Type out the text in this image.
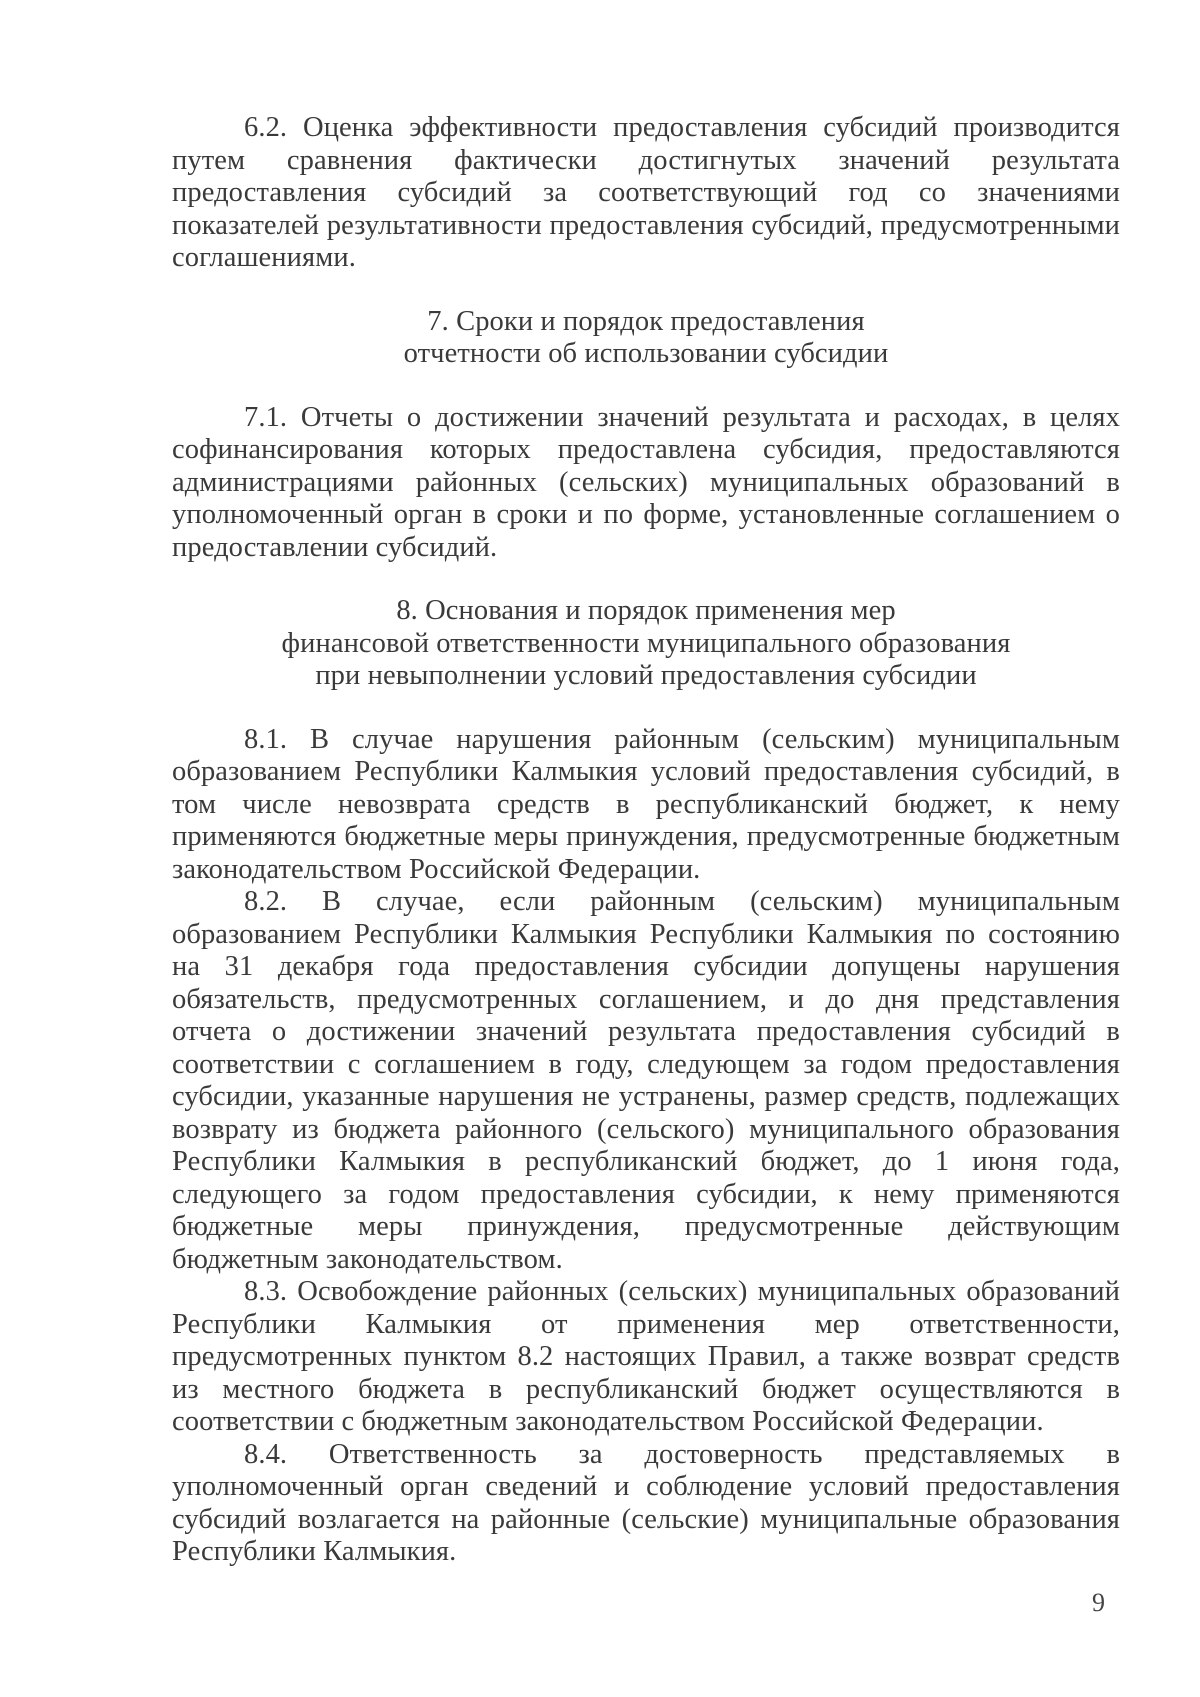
6.2. Оценка эффективности предоставления субсидий производится путем сравнения фактически достигнутых значений результата предоставления субсидий за соответствующий год со значениями показателей результативности предоставления субсидий, предусмотренными соглашениями.

7. Сроки и порядок предоставления
отчетности об использовании субсидии

7.1. Отчеты о достижении значений результата и расходах, в целях софинансирования которых предоставлена субсидия, предоставляются администрациями районных (сельских) муниципальных образований в уполномоченный орган в сроки и по форме, установленные соглашением о предоставлении субсидий.

8. Основания и порядок применения мер
финансовой ответственности муниципального образования
при невыполнении условий предоставления субсидии

8.1. В случае нарушения районным (сельским) муниципальным образованием Республики Калмыкия условий предоставления субсидий, в том числе невозврата средств в республиканский бюджет, к нему применяются бюджетные меры принуждения, предусмотренные бюджетным законодательством Российской Федерации.

8.2. В случае, если районным (сельским) муниципальным образованием Республики Калмыкия Республики Калмыкия по состоянию на 31 декабря года предоставления субсидии допущены нарушения обязательств, предусмотренных соглашением, и до дня представления отчета о достижении значений результата предоставления субсидий в соответствии с соглашением в году, следующем за годом предоставления субсидии, указанные нарушения не устранены, размер средств, подлежащих возврату из бюджета районного (сельского) муниципального образования Республики Калмыкия в республиканский бюджет, до 1 июня года, следующего за годом предоставления субсидии, к нему применяются бюджетные меры принуждения, предусмотренные действующим бюджетным законодательством.

8.3. Освобождение районных (сельских) муниципальных образований Республики Калмыкия от применения мер ответственности, предусмотренных пунктом 8.2 настоящих Правил, а также возврат средств из местного бюджета в республиканский бюджет осуществляются в соответствии с бюджетным законодательством Российской Федерации.

8.4. Ответственность за достоверность представляемых в уполномоченный орган сведений и соблюдение условий предоставления субсидий возлагается на районные (сельские) муниципальные образования Республики Калмыкия.

9
